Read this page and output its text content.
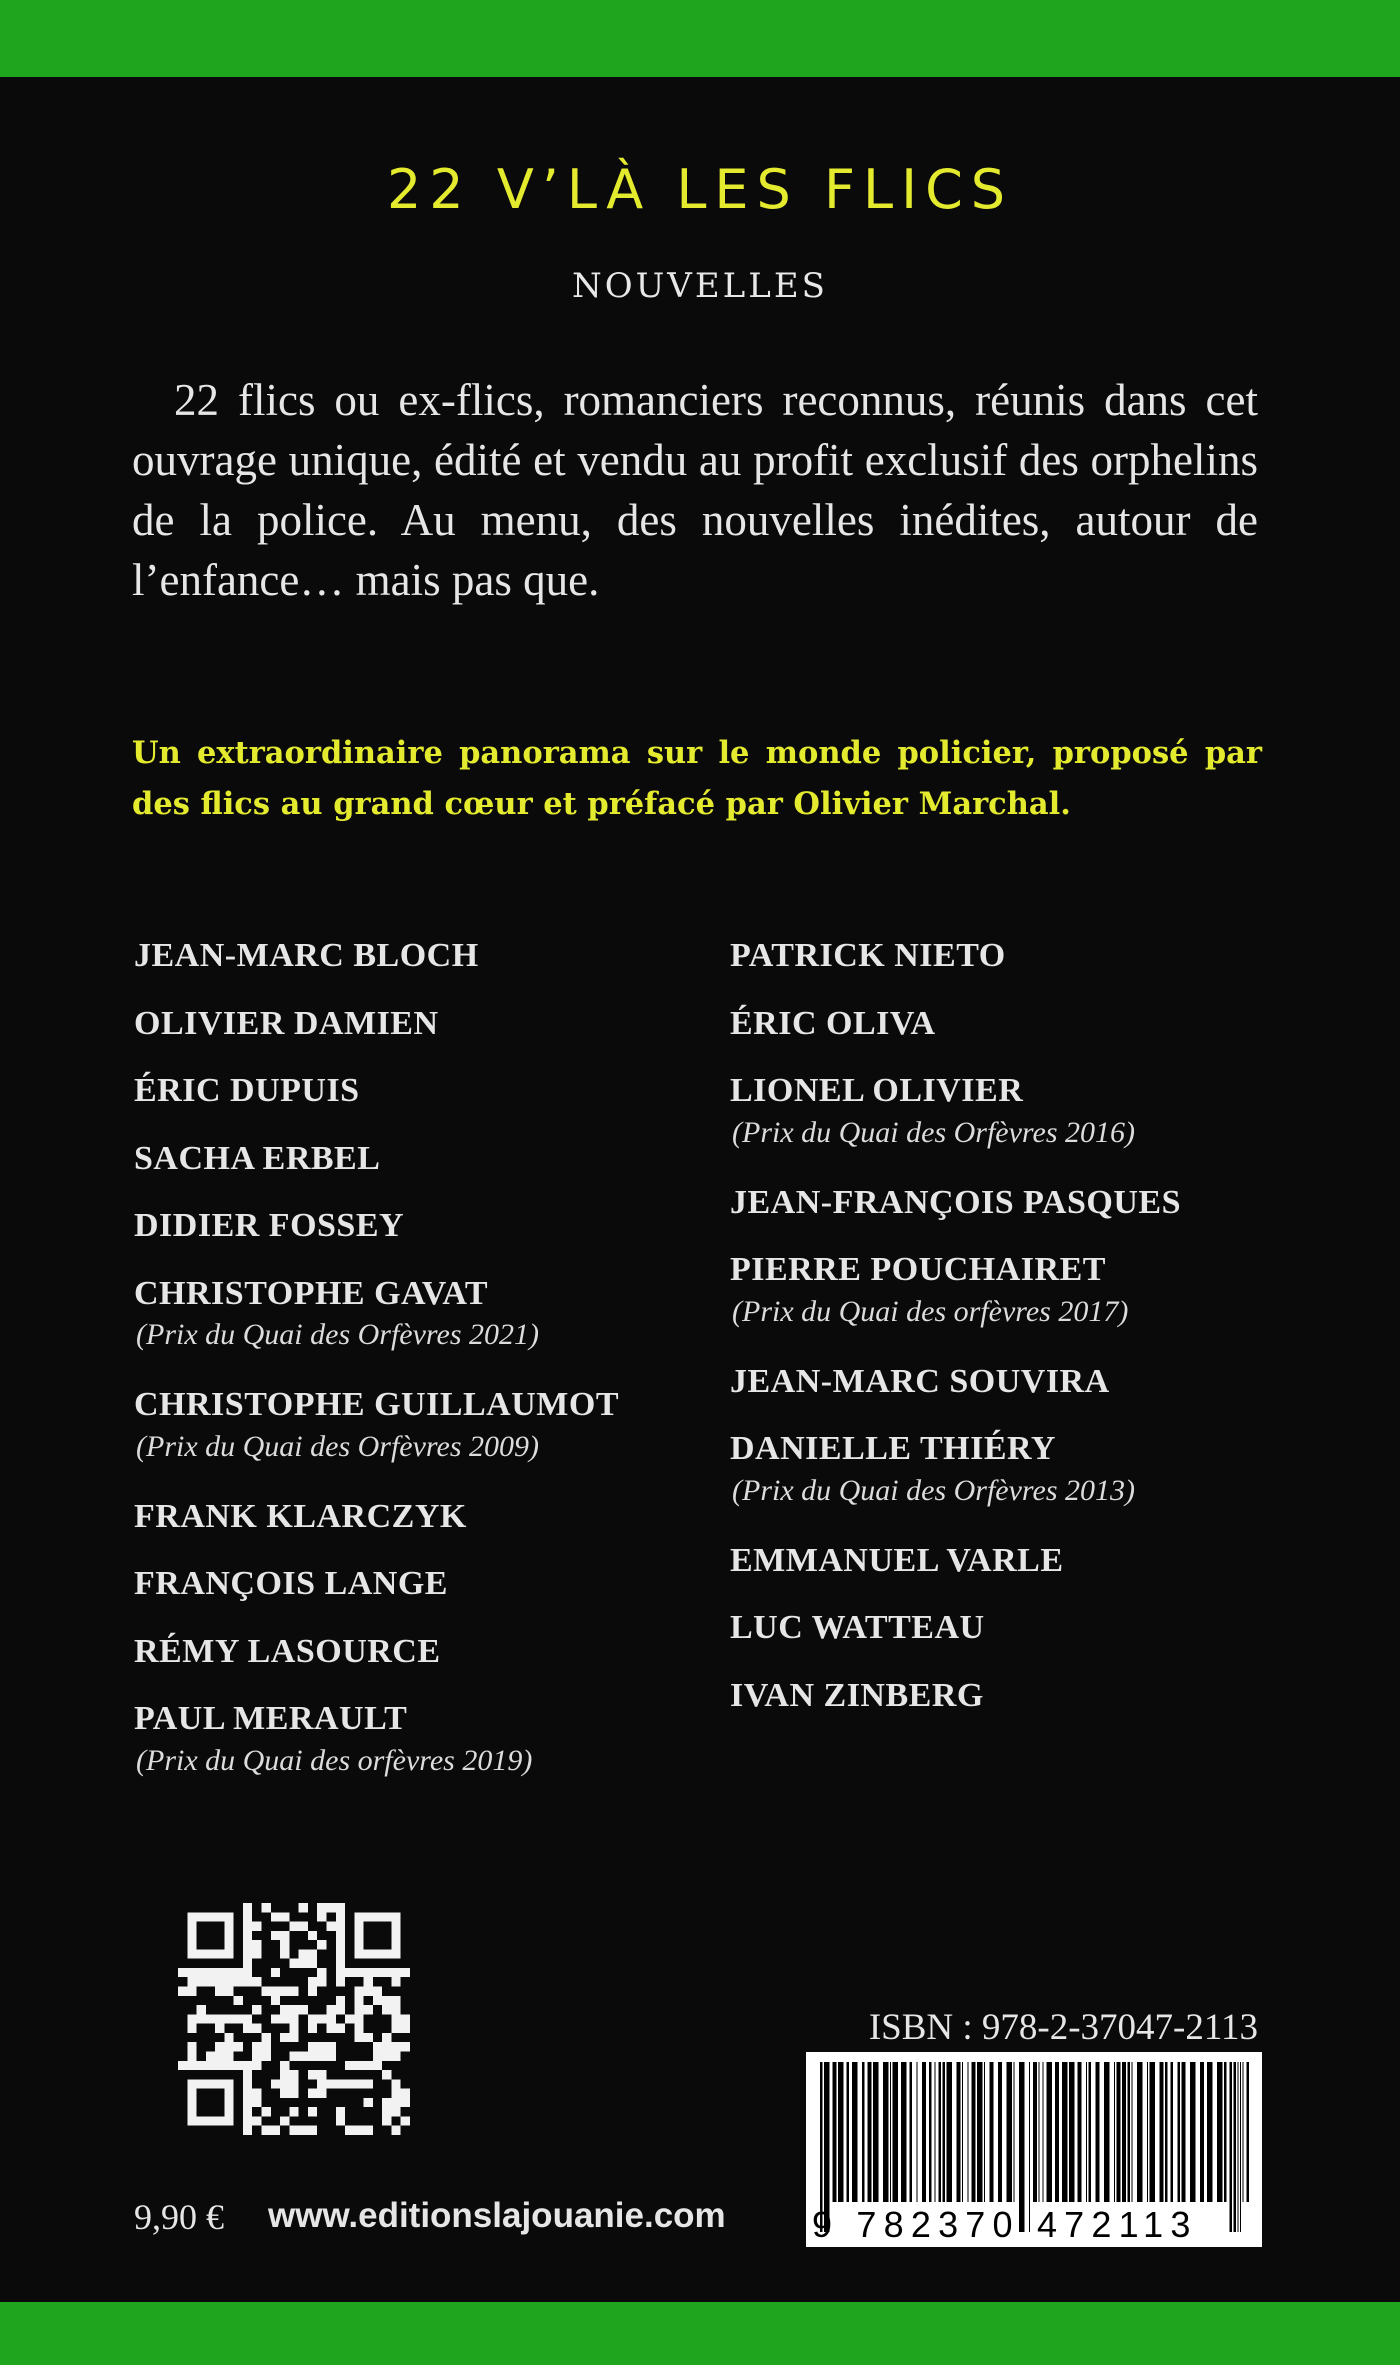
22 V’LÀ LES FLICS
NOUVELLES
22 flics ou ex-flics, romanciers reconnus, réunis dans cet ouvrage unique, édité et vendu au profit exclusif des orphelins de la police. Au menu, des nouvelles inédites, autour de l’enfance… mais pas que.
Un extraordinaire panorama sur le monde policier, proposé par des flics au grand cœur et préfacé par Olivier Marchal.
JEAN-MARC BLOCH
OLIVIER DAMIEN
ÉRIC DUPUIS
SACHA ERBEL
DIDIER FOSSEY
CHRISTOPHE GAVAT
(Prix du Quai des Orfèvres 2021)
CHRISTOPHE GUILLAUMOT
(Prix du Quai des Orfèvres 2009)
FRANK KLARCZYK
FRANÇOIS LANGE
RÉMY LASOURCE
PAUL MERAULT
(Prix du Quai des orfèvres 2019)
PATRICK NIETO
ÉRIC OLIVA
LIONEL OLIVIER
(Prix du Quai des Orfèvres 2016)
JEAN-FRANÇOIS PASQUES
PIERRE POUCHAIRET
(Prix du Quai des orfèvres 2017)
JEAN-MARC SOUVIRA
DANIELLE THIÉRY
(Prix du Quai des Orfèvres 2013)
EMMANUEL VARLE
LUC WATTEAU
IVAN ZINBERG
9,90 € www.editionslajouanie.com
ISBN : 978-2-37047-2113
9 782370 472113
